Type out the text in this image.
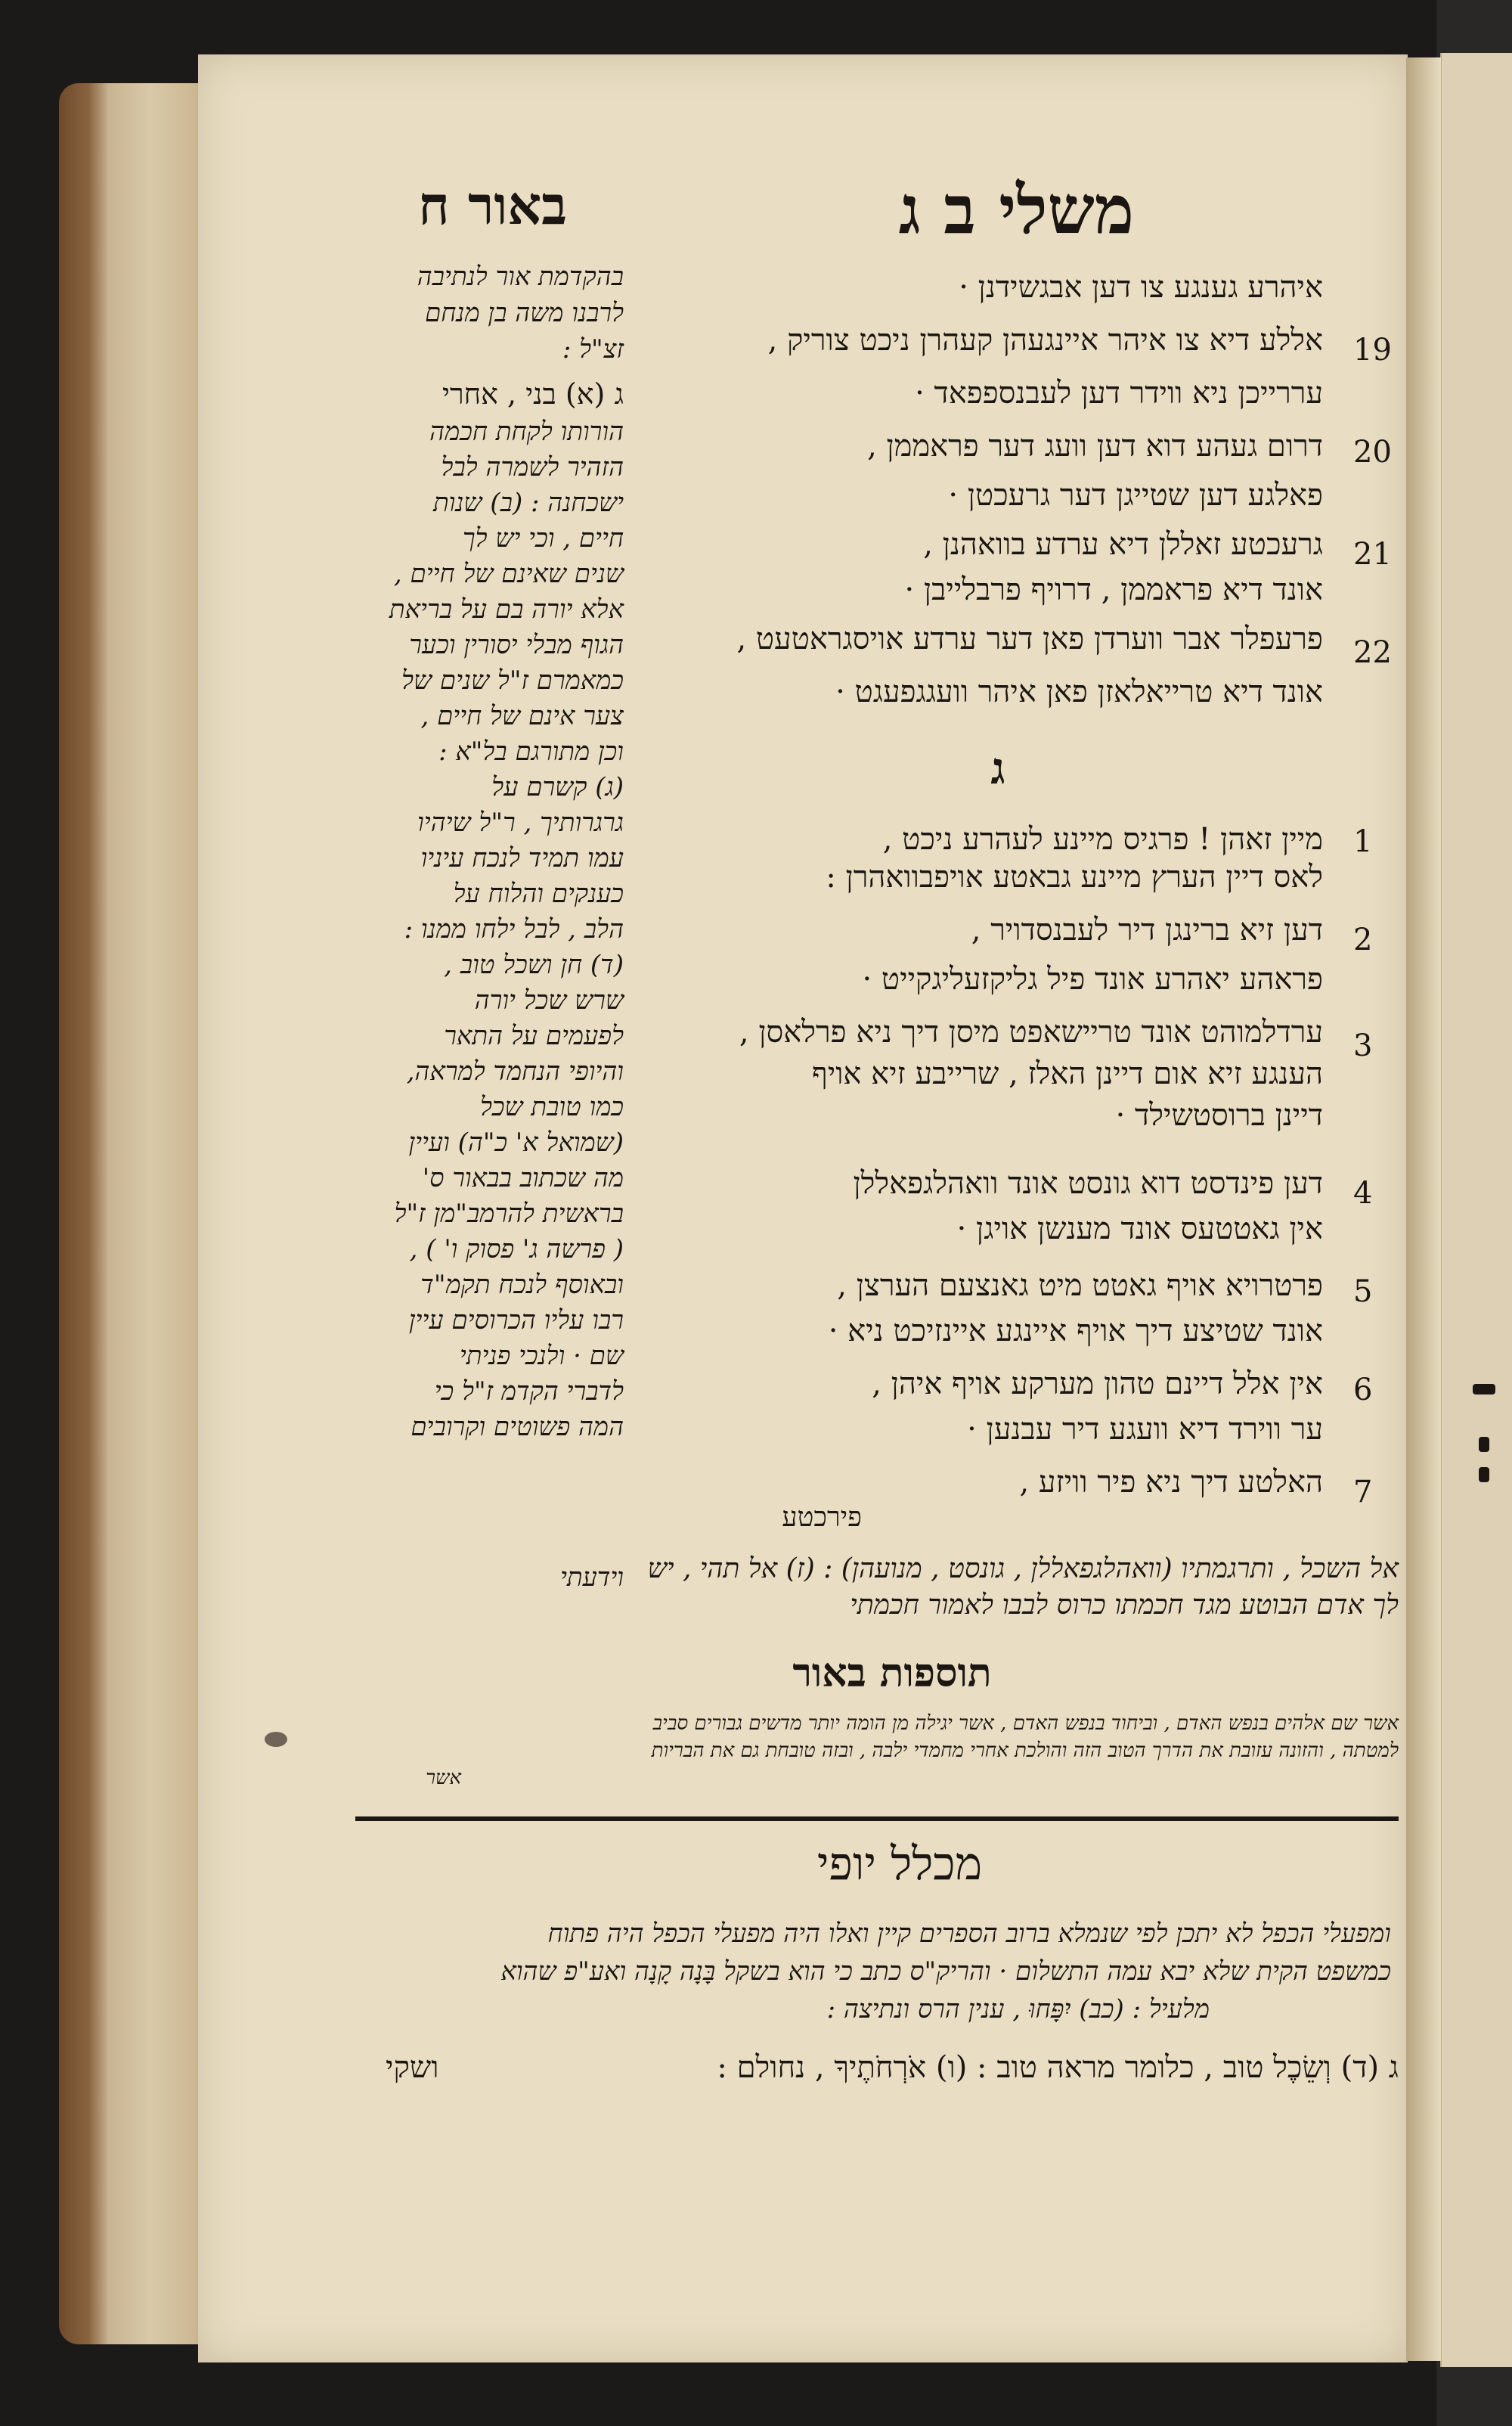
משלי ב ג
באור ח
איהרע גענגע צו דען אבגשידנן ·
אללע דיא צו איהר איינגעהן קעהרן ניכט צוריק , 19
עררייכן ניא ווידר דען לעבנספפאד ·
דרום געהע דוא דען וועג דער פראממן , 20
פאלגע דען שטייגן דער גרעכטן ·
גרעכטע זאללן דיא ערדע בוואהנן , 21
אונד דיא פראממן , דרויף פרבלייבן ·
פרעפלר אבר ווערדן פאן דער ערדע אויסגראטעט , 22
אונד דיא טרייאלאזן פאן איהר וועגגפעגט ·
ג
מיין זאהן ! פרגיס מיינע לעהרע ניכט , 1
לאס דיין הערץ מיינע גבאטע אויפבוואהרן :
דען זיא ברינגן דיר לעבנסדויר , 2
פראהע יאהרע אונד פיל גליקזעליגקייט ·
ערדלמוהט אונד טריישאפט מיסן דיך ניא פרלאסן , 3
הענגע זיא אום דיינן האלז , שרייבע זיא אויף
דיינן ברוסטשילד ·
דען פינדסט דוא גונסט אונד וואהלגפאללן 4
אין גאטטעס אונד מענשן אויגן ·
פרטרויא אויף גאטט מיט גאנצעם הערצן , 5
אונד שטיצע דיך אויף איינגע איינזיכט ניא ·
אין אלל דיינם טהון מערקע אויף איהן , 6
ער ווירד דיא וועגע דיר עבנען ·
האלטע דיך ניא פיר וויזע , 7
פירכטע
בהקדמת אור לנתיבה
לרבנו משה בן מנחם
זצ"ל :
ג (א) בני , אחרי
הורותו לקחת חכמה
הזהיר לשמרה לבל
ישכחנה : (ב) שנות
חיים , וכי יש לך
שנים שאינם של חיים ,
אלא יורה בם על בריאת
הגוף מבלי יסורין וכער
כמאמרם ז"ל שנים של
צער אינם של חיים ,
וכן מתורגם בל"א :
(ג) קשרם על
גרגרותיך , ר"ל שיהיו
עמו תמיד לנכח עיניו
כענקים והלוח על
הלב , לבל ילחו ממנו :
(ד) חן ושכל טוב ,
שרש שכל יורה
לפעמים על התאר
והיופי הנחמד למראה,
כמו טובת שכל
(שמואל א' כ"ה) ועיין
מה שכתוב בבאור ס'
בראשית להרמב"מן ז"ל
( פרשה ג' פסוק ו' ) ,
ובאוסף לנכח תקמ"ד
רבו עליו הכרוסים עיין
שם · ולנכי פניתי
לדברי הקדמ ז"ל כי
המה פשוטים וקרובים
וידעתי אל השכל , ותרגמתיו (וואהלגפאללן , גונסט , מנועהן) : (ז) אל תהי , יש
לך אדם הבוטע מגד חכמתו כרוס לבבו לאמור חכמתי
תוספות באור
אשר שם אלהים בנפש האדם , וביחוד בנפש האדם , אשר יגילה מן הומה יותר מדשים גבורים סביב
למטתה , והזונה עזובת את הדרך הטוב הזה והולכת אחרי מחמדי ילבה , ובזה טובחת גם את הבריות
אשר
מכלל יופי
ומפעלי הכפל לא יתכן לפי שנמלא ברוב הספרים קיין ואלו היה מפעלי הכפל היה פתוח
כמשפט הקית שלא יבא עמה התשלום · והריק"ס כתב כי הוא בשקל בָּנָה קָנָה ואע"פ שהוא
מלעיל : (כב) יִפָּחוּ , ענין הרס ונתיצה :
ג (ד) וְשֵׂכֶל טוב , כלומר מראה טוב : (ו) אֹרְחֹתֶיךָ , נחולם :
ושקי
